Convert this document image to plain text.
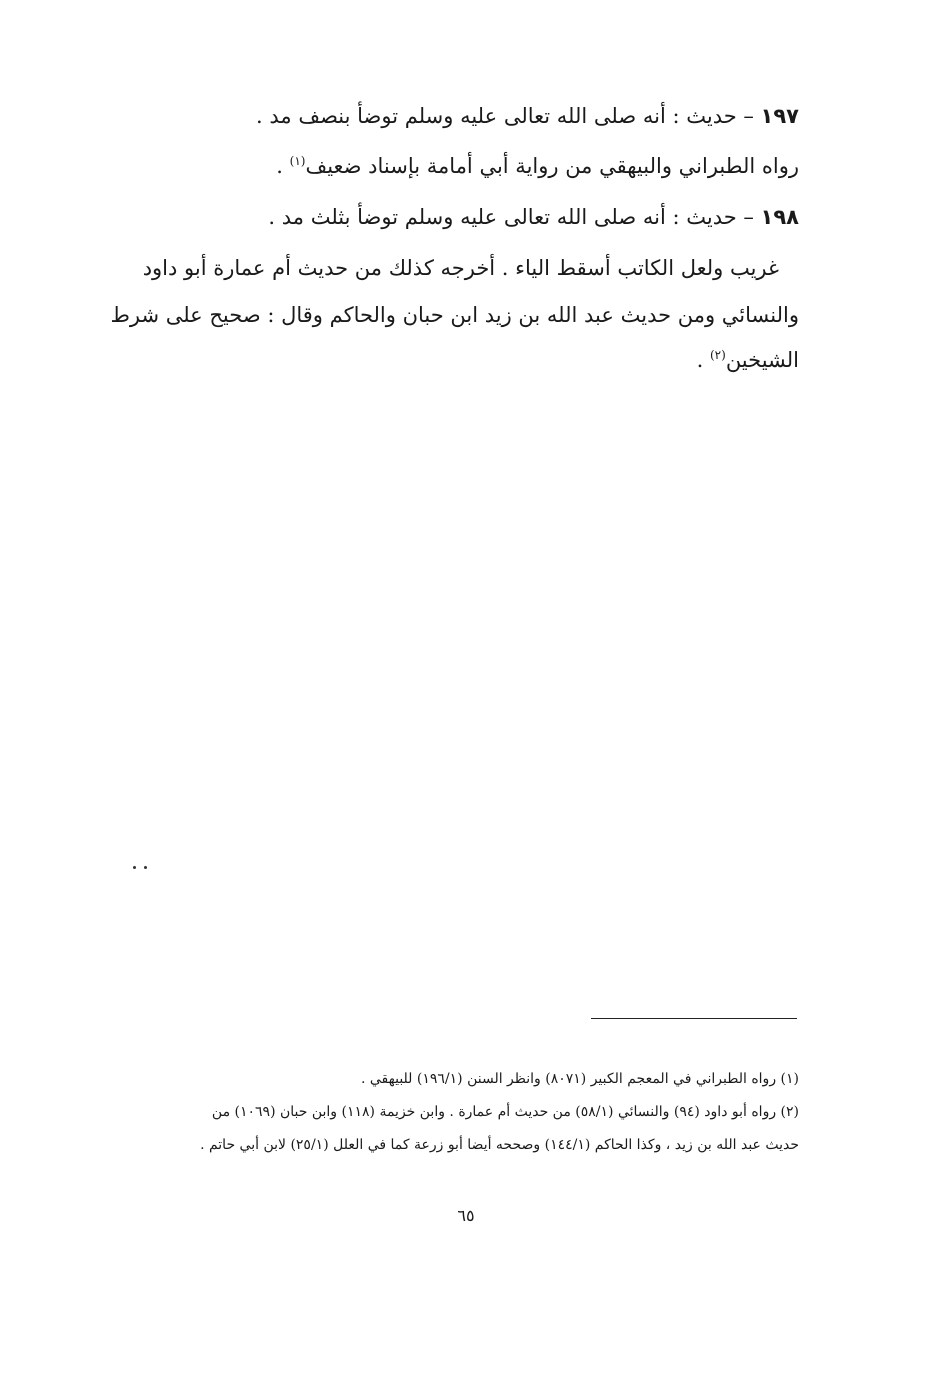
١٩٧ – حديث : أنه صلى الله تعالى عليه وسلم توضأ بنصف مد .
رواه الطبراني والبيهقي من رواية أبي أمامة بإسناد ضعيف$^{(١)}$ .
١٩٨ – حديث : أنه صلى الله تعالى عليه وسلم توضأ بثلث مد .
غريب ولعل الكاتب أسقط الياء . أخرجه كذلك من حديث أم عمارة أبو داود
والنسائي ومن حديث عبد الله بن زيد ابن حبان والحاكم وقال : صحيح على شرط
الشيخين$^{(٢)}$ .
(١) رواه الطبراني في المعجم الكبير (٨٠٧١) وانظر السنن (١٩٦/١) للبيهقي .
(٢) رواه أبو داود (٩٤) والنسائي (٥٨/١) من حديث أم عمارة . وابن خزيمة (١١٨) وابن حبان (١٠٦٩) من
حديث عبد الله بن زيد ، وكذا الحاكم (١٤٤/١) وصححه أيضا أبو زرعة كما في العلل (٢٥/١) لابن أبي حاتم .
٦٥
